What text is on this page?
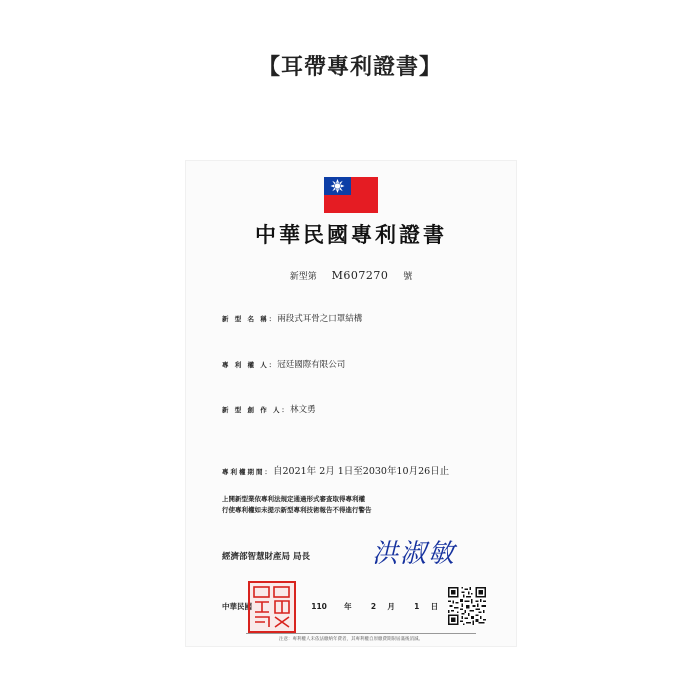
【耳帶專利證書】
中華民國專利證書
新型第 M607270 號
新 型 名 稱：兩段式耳骨之口罩結構
專 利 權 人：冠廷國際有限公司
新 型 創 作 人：林文勇
專利權期間：自2021年 2月 1日至2030年10月26日止
上開新型業依專利法規定通過形式審查取得專利權
行使專利權如未提示新型專利技術報告不得進行警告
經濟部智慧財產局 局長 洪淑敏
中華民國	110 年	2 月	1 日
注意：專利權人未依法繳納年費者，其專利權自原繳費期限屆滿後消滅。
